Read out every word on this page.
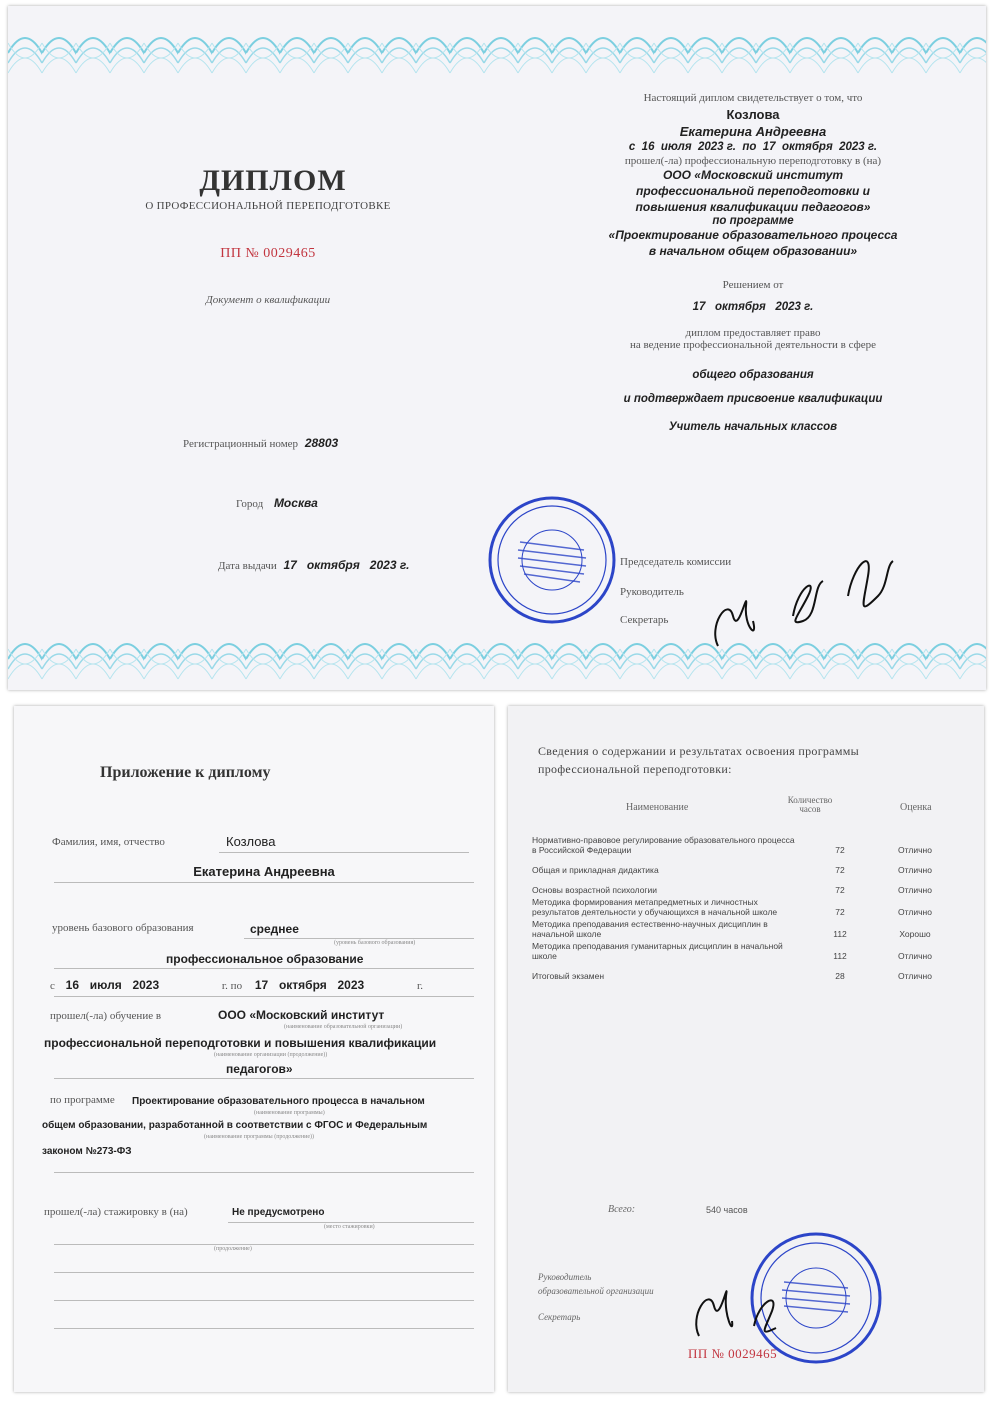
ДИПЛОМ
О ПРОФЕССИОНАЛЬНОЙ ПЕРЕПОДГОТОВКЕ
ПП № 0029465
Документ о квалификации
Регистрационный номер 28803
Город Москва
Дата выдачи 17   октября   2023 г.
Настоящий диплом свидетельствует о том, что
Козлова
Екатерина Андреевна
с  16  июля  2023 г.  по  17  октября  2023 г.
прошел(-ла) профессиональную переподготовку в (на)
ООО «Московский институт
профессиональной переподготовки и
повышения квалификации педагогов»
по программе
«Проектирование образовательного процесса
в начальном общем образовании»
Решением от
17   октября   2023 г.
диплом предоставляет право
на ведение профессиональной деятельности в сфере
общего образования
и подтверждает присвоение квалификации
Учитель начальных классов
Председатель комиссии
Руководитель
Секретарь
Приложение к диплому
Фамилия, имя, отчество	Козлова
Екатерина Андреевна
уровень базового образования	среднее
(уровень базового образования)
профессиональное образование
с 16 июля 2023	г. по 17 октября 2023	г.
прошел(-ла) обучение в	ООО «Московский институт
(наименование образовательной организации)
профессиональной переподготовки и повышения квалификации
(наименование организации (продолжение))
педагогов»
по программе Проектирование образовательного процесса в начальном
(наименование программы)
общем образовании, разработанной в соответствии с ФГОС и Федеральным
(наименование программы (продолжение))
законом №273-ФЗ
прошел(-ла) стажировку в (на)	Не предусмотрено
(место стажировки)
(продолжение)
Сведения о содержании и результатах освоения программы
профессиональной переподготовки:
Наименование
Количество часов	Оценка
Нормативно-правовое регулирование образовательного процесса в Российской Федерации	72	Отлично
Общая и прикладная дидактика	72	Отлично
Основы возрастной психологии	72	Отлично
Методика формирования метапредметных и личностных результатов деятельности у обучающихся в начальной школе	72	Отлично
Методика преподавания естественно-научных дисциплин в начальной школе	112	Хорошо
Методика преподавания гуманитарных дисциплин в начальной школе	112	Отлично
Итоговый экзамен	28	Отлично
Всего:	540 часов
Руководитель
образовательной организации
Секретарь
ПП № 0029465
